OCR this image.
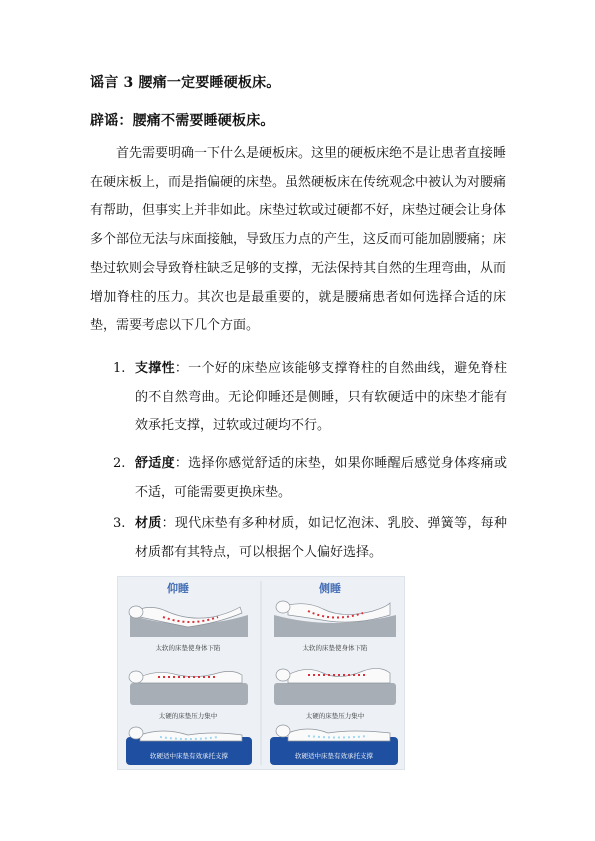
谣言 3 腰痛一定要睡硬板床。
辟谣：腰痛不需要睡硬板床。

首先需要明确一下什么是硬板床。这里的硬板床绝不是让患者直接睡在硬床板上，而是指偏硬的床垫。虽然硬板床在传统观念中被认为对腰痛有帮助，但事实上并非如此。床垫过软或过硬都不好，床垫过硬会让身体多个部位无法与床面接触，导致压力点的产生，这反而可能加剧腰痛；床垫过软则会导致脊柱缺乏足够的支撑，无法保持其自然的生理弯曲，从而增加脊柱的压力。其次也是最重要的，就是腰痛患者如何选择合适的床垫，需要考虑以下几个方面。

1. 支撑性：一个好的床垫应该能够支撑脊柱的自然曲线，避免脊柱的不自然弯曲。无论仰睡还是侧睡，只有软硬适中的床垫才能有效承托支撑，过软或过硬均不行。
2. 舒适度：选择你感觉舒适的床垫，如果你睡醒后感觉身体疼痛或不适，可能需要更换床垫。
3. 材质：现代床垫有多种材质，如记忆泡沫、乳胶、弹簧等，每种材质都有其特点，可以根据个人偏好选择。
仰睡	侧睡
太软的床垫使身体下陷	太软的床垫使身体下陷
太硬的床垫压力集中	太硬的床垫压力集中
软硬适中床垫有效承托支撑	软硬适中床垫有效承托支撑
